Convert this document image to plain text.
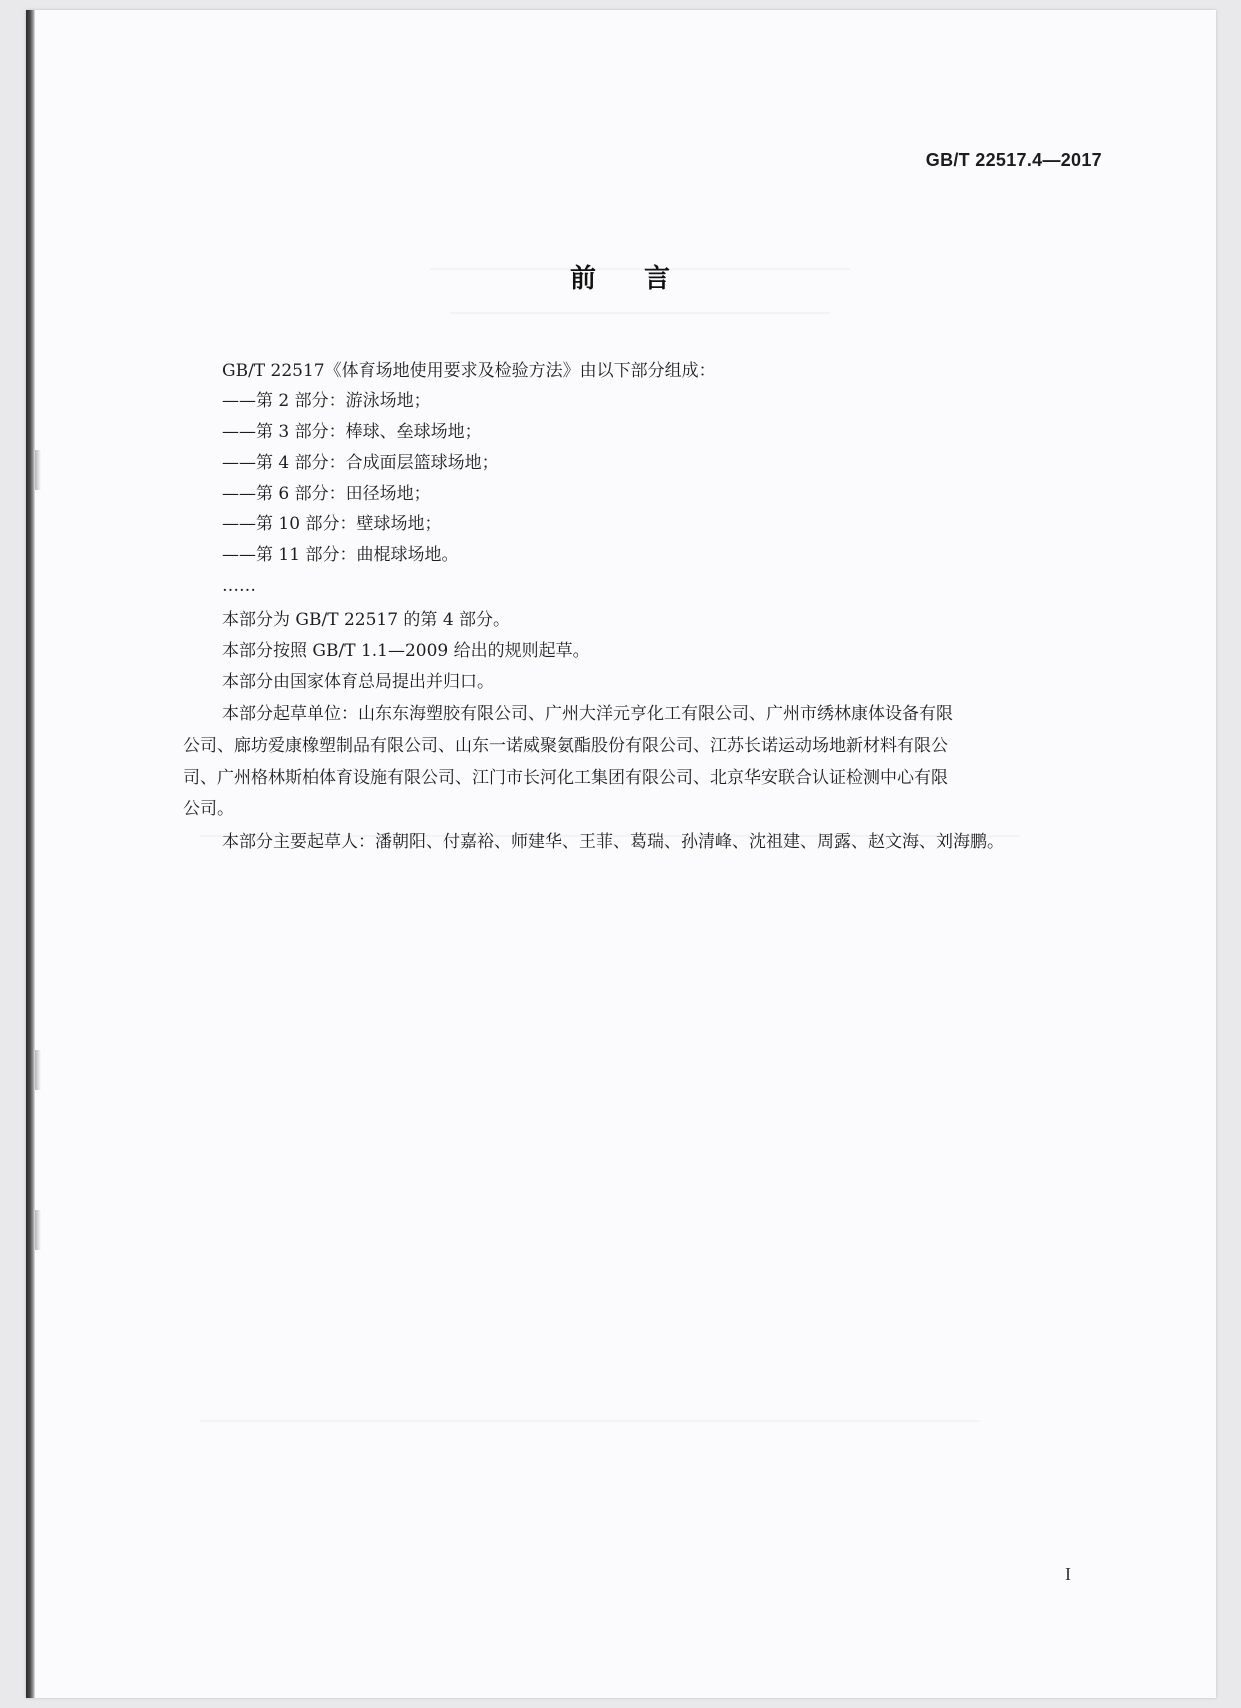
GB/T 22517.4—2017
前言
GB/T 22517《体育场地使用要求及检验方法》由以下部分组成：
——第 2 部分：游泳场地；
——第 3 部分：棒球、垒球场地；
——第 4 部分：合成面层篮球场地；
——第 6 部分：田径场地；
——第 10 部分：壁球场地；
——第 11 部分：曲棍球场地。
……
本部分为 GB/T 22517 的第 4 部分。
本部分按照 GB/T 1.1—2009 给出的规则起草。
本部分由国家体育总局提出并归口。
本部分起草单位：山东东海塑胶有限公司、广州大洋元亨化工有限公司、广州市绣林康体设备有限
公司、廊坊爱康橡塑制品有限公司、山东一诺威聚氨酯股份有限公司、江苏长诺运动场地新材料有限公
司、广州格林斯柏体育设施有限公司、江门市长河化工集团有限公司、北京华安联合认证检测中心有限
公司。
本部分主要起草人：潘朝阳、付嘉裕、师建华、王菲、葛瑞、孙清峰、沈祖建、周露、赵文海、刘海鹏。
I
